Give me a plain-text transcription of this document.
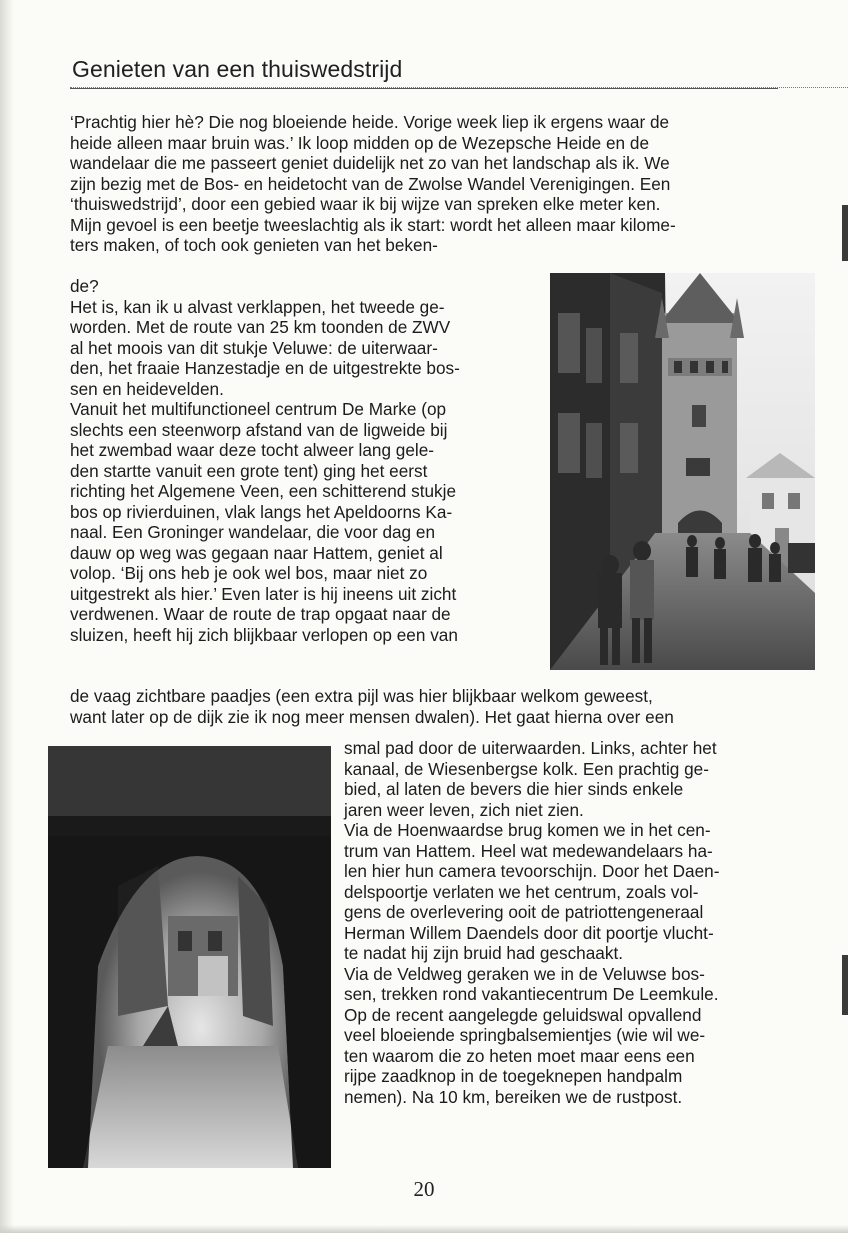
Genieten van een thuiswedstrijd

‘Prachtig hier hè? Die nog bloeiende heide. Vorige week liep ik ergens waar de
heide alleen maar bruin was.’ Ik loop midden op de Wezepsche Heide en de
wandelaar die me passeert geniet duidelijk net zo van het landschap als ik. We
zijn bezig met de Bos- en heidetocht van de Zwolse Wandel Verenigingen. Een
‘thuiswedstrijd’, door een gebied waar ik bij wijze van spreken elke meter ken.
Mijn gevoel is een beetje tweeslachtig als ik start: wordt het alleen maar kilome-
ters maken, of toch ook genieten van het beken-

de?
Het is, kan ik u alvast verklappen, het tweede ge-
worden. Met de route van 25 km toonden de ZWV
al het moois van dit stukje Veluwe: de uiterwaar-
den, het fraaie Hanzestadje en de uitgestrekte bos-
sen en heidevelden.
Vanuit het multifunctioneel centrum De Marke (op
slechts een steenworp afstand van de ligweide bij
het zwembad waar deze tocht alweer lang gele-
den startte vanuit een grote tent) ging het eerst
richting het Algemene Veen, een schitterend stukje
bos op rivierduinen, vlak langs het Apeldoorns Ka-
naal. Een Groninger wandelaar, die voor dag en
dauw op weg was gegaan naar Hattem, geniet al
volop. ‘Bij ons heb je ook wel bos, maar niet zo
uitgestrekt als hier.’ Even later is hij ineens uit zicht
verdwenen. Waar de route de trap opgaat naar de
sluizen, heeft hij zich blijkbaar verlopen op een van

de vaag zichtbare paadjes (een extra pijl was hier blijkbaar welkom geweest,
want later op de dijk zie ik nog meer mensen dwalen). Het gaat hierna over een

smal pad door de uiterwaarden. Links, achter het
kanaal, de Wiesenbergse kolk. Een prachtig ge-
bied, al laten de bevers die hier sinds enkele
jaren weer leven, zich niet zien.
Via de Hoenwaardse brug komen we in het cen-
trum van Hattem. Heel wat medewandelaars ha-
len hier hun camera tevoorschijn. Door het Daen-
delspoortje verlaten we het centrum, zoals vol-
gens de overlevering ooit de patriottengeneraal
Herman Willem Daendels door dit poortje vlucht-
te nadat hij zijn bruid had geschaakt.
Via de Veldweg geraken we in de Veluwse bos-
sen, trekken rond vakantiecentrum De Leemkule.
Op de recent aangelegde geluidswal opvallend
veel bloeiende springbalsemientjes (wie wil we-
ten waarom die zo heten moet maar eens een
rijpe zaadknop in de toegeknepen handpalm
nemen). Na 10 km, bereiken we de rustpost.

20
